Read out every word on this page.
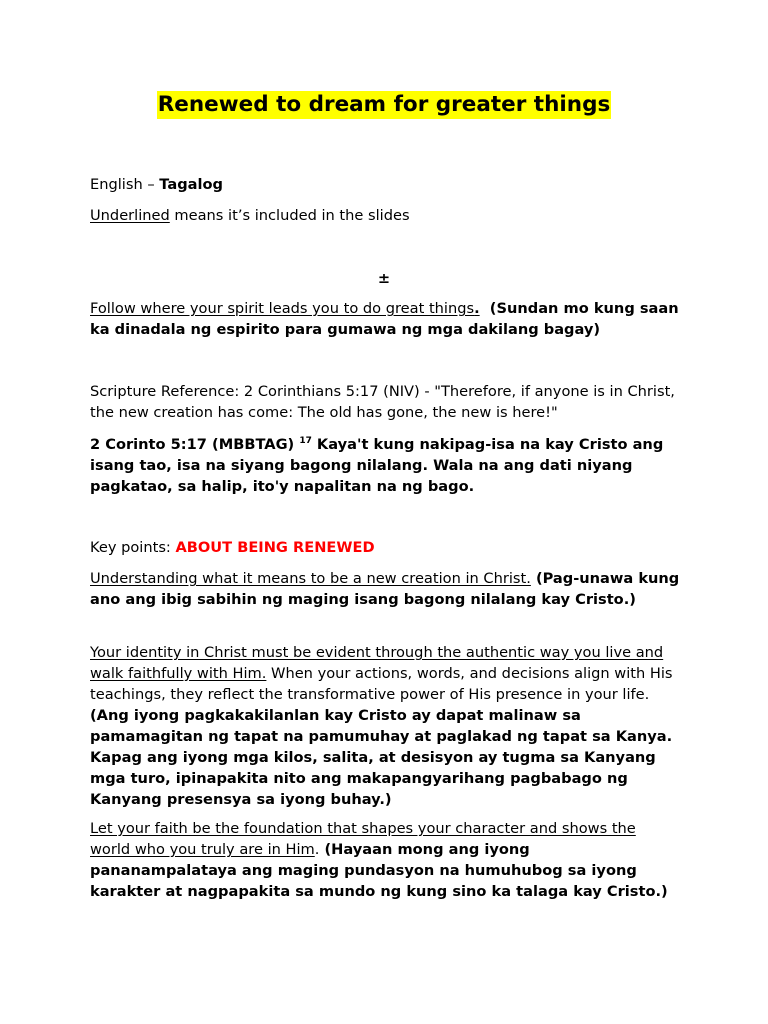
Renewed to dream for greater things
English – Tagalog
Underlined means it’s included in the slides
±
Follow where your spirit leads you to do great things.  (Sundan mo kung saan ka dinadala ng espirito para gumawa ng mga dakilang bagay)
Scripture Reference: 2 Corinthians 5:17 (NIV) - "Therefore, if anyone is in Christ, the new creation has come: The old has gone, the new is here!"
2 Corinto 5:17 (MBBTAG) $^{17}$ Kaya't kung nakipag-isa na kay Cristo ang isang tao, isa na siyang bagong nilalang. Wala na ang dati niyang pagkatao, sa halip, ito'y napalitan na ng bago.
Key points: ABOUT BEING RENEWED
Understanding what it means to be a new creation in Christ. (Pag-unawa kung ano ang ibig sabihin ng maging isang bagong nilalang kay Cristo.)
Your identity in Christ must be evident through the authentic way you live and walk faithfully with Him. When your actions, words, and decisions align with His teachings, they reflect the transformative power of His presence in your life. (Ang iyong pagkakakilanlan kay Cristo ay dapat malinaw sa pamamagitan ng tapat na pamumuhay at paglakad ng tapat sa Kanya. Kapag ang iyong mga kilos, salita, at desisyon ay tugma sa Kanyang mga turo, ipinapakita nito ang makapangyarihang pagbabago ng Kanyang presensya sa iyong buhay.)
Let your faith be the foundation that shapes your character and shows the world who you truly are in Him. (Hayaan mong ang iyong pananampalataya ang maging pundasyon na humuhubog sa iyong karakter at nagpapakita sa mundo ng kung sino ka talaga kay Cristo.)
